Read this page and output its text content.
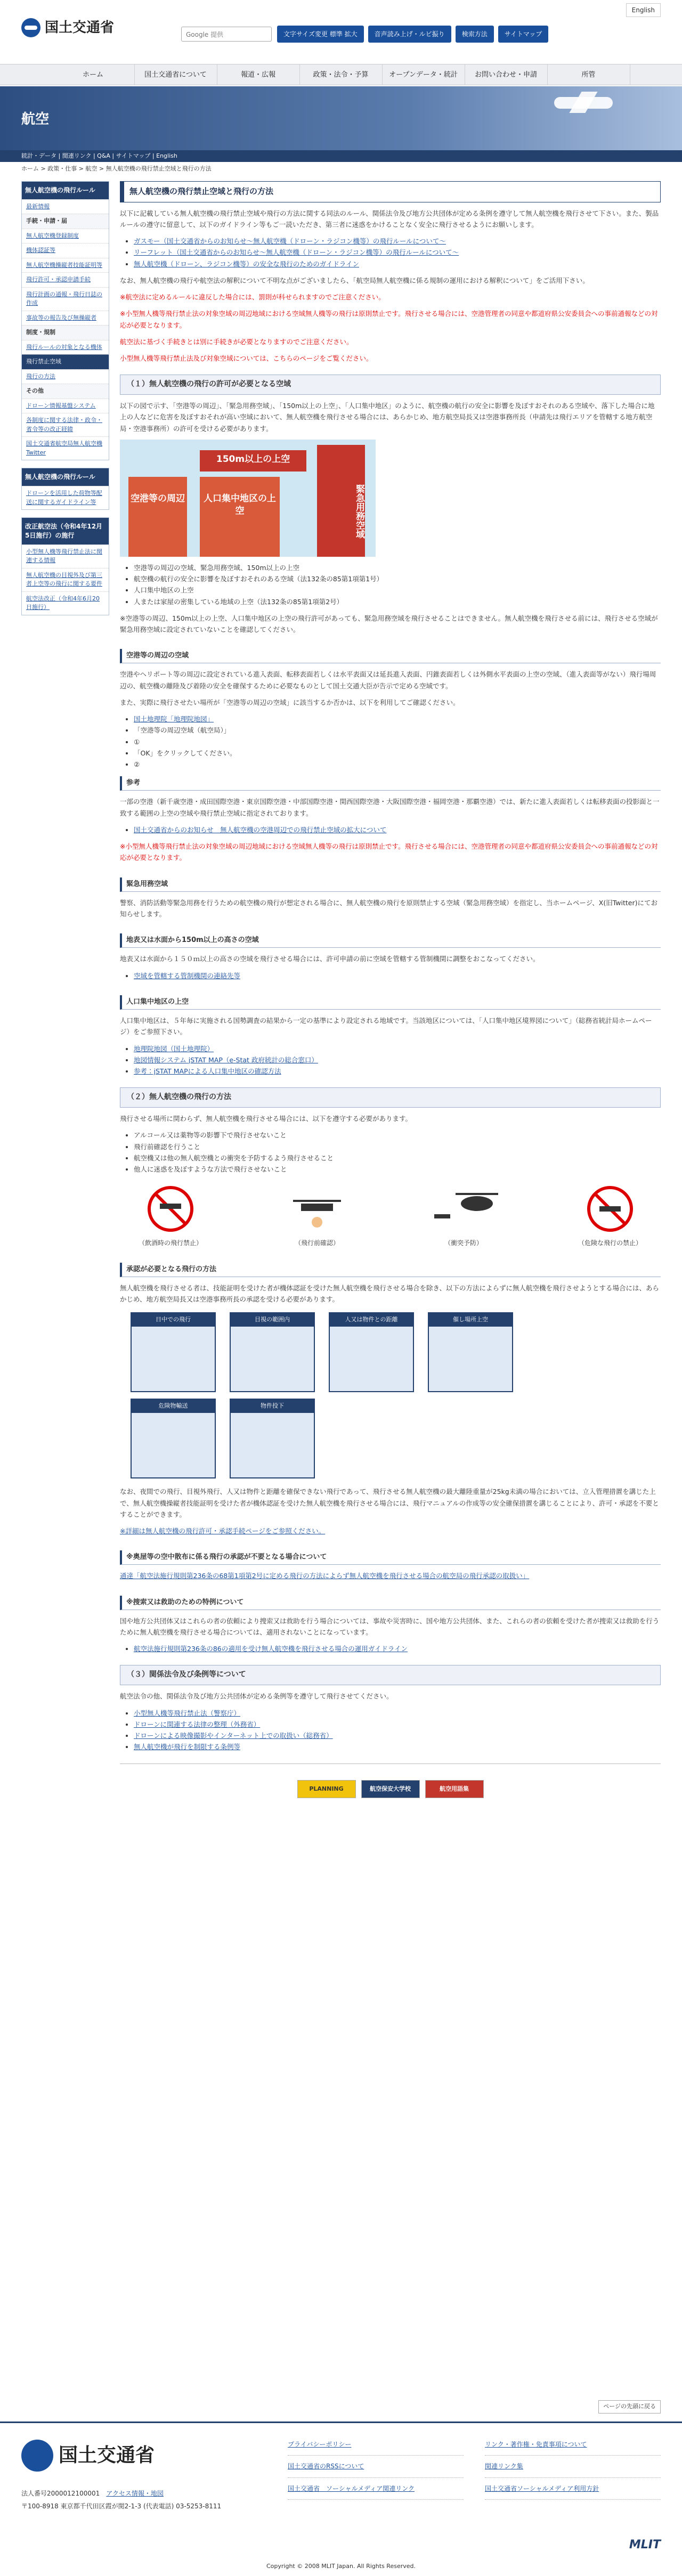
国土交通省
English
Google 提供	文字サイズ変更 標準 拡大	音声読み上げ・ルビ振り	検索方法	サイトマップ
ホーム	国土交通省について	報道・広報	政策・法令・予算	オープンデータ・統計	お問い合わせ・申請	所管
航空
統計・データ | 関連リンク | Q&A | サイトマップ | English
ホーム > 政策・仕事 > 航空 > 無人航空機の飛行禁止空域と飛行の方法
無人航空機の飛行ルール
最新情報
手続・申請・届
無人航空機登録制度
機体認証等
無人航空機操縦者技能証明等
飛行許可・承認申請手続
飛行計画の通報・飛行日誌の作成
事故等の報告及び無操縦者
制度・規制
飛行ルールの対象となる機体
飛行禁止空域
飛行の方法
その他
ドローン情報基盤システム
各制度に関する法律・政令・省令等の改正経緯
国土交通省航空局無人航空機Twitter
無人航空機の飛行ルール
ドローンを活用した荷物等配送に関するガイドライン等
改正航空法（令和4年12月5日施行）の施行
小型無人機等飛行禁止法に関連する情報
無人航空機の目視外及び第三者上空等の飛行に関する要件
航空法改正（令和4年6月20日施行）
無人航空機の飛行禁止空域と飛行の方法

以下に記載している無人航空機の飛行禁止空域や飛行の方法に関する同法のルール、関係法令及び地方公共団体が定める条例を遵守して無人航空機を飛行させて下さい。また、製品ルールの遵守に留意して、以下のガイドライン等もご一読いただき、第三者に迷惑をかけることなく安全に飛行させるようにお願いします。

• ガスモー（国土交通省からのお知らせ～無人航空機（ドローン・ラジコン機等）の飛行ルールについて～
• リーフレット（国土交通省からのお知らせ～無人航空機（ドローン・ラジコン機等）の飛行ルールについて～
• 無人航空機（ドローン、ラジコン機等）の安全な飛行のためのガイドライン

なお、無人航空機の飛行や航空法の解釈について不明な点がございましたら、「航空局無人航空機に係る規制の運用における解釈について」をご活用下さい。

※航空法に定めるルールに違反した場合には、罰則が科せられますのでご注意ください。

※小型無人機等飛行禁止法の対象空域の周辺地域における空域無人機等の飛行は原則禁止です。飛行させる場合には、空港管理者の同意や都道府県公安委員会への事前通報などの対応が必要となります。

航空法に基づく手続きとは別に手続きが必要となりますのでご注意ください。

小型無人機等飛行禁止法及び対象空域については、こちらのページをご覧ください。

（１）無人航空機の飛行の許可が必要となる空域

以下の図で示す、「空港等の周辺」、「緊急用務空域」、「150m以上の上空」、「人口集中地区」のように、航空機の航行の安全に影響を及ぼすおそれのある空域や、落下した場合に地上の人などに危害を及ぼすおそれが高い空域において、無人航空機を飛行させる場合には、あらかじめ、地方航空局長又は空港事務所長（申請先は飛行エリアを管轄する地方航空局・空港事務所）の許可を受ける必要があります。

空港等の周辺
150m以上の上空
人口集中地区の上空	緊急用務空域
• 空港等の周辺の空域、緊急用務空域、150m以上の上空
• 航空機の航行の安全に影響を及ぼすおそれのある空域（法132条の85第1項第1号）
• 人口集中地区の上空
• 人または家屋の密集している地域の上空（法132条の85第1項第2号）

※空港等の周辺、150m以上の上空、人口集中地区の上空の飛行許可があっても、緊急用務空域を飛行させることはできません。無人航空機を飛行させる前には、飛行させる空域が緊急用務空域に設定されていないことを確認してください。

空港等の周辺の空域

空港やヘリポート等の周辺に設定されている進入表面、転移表面若しくは水平表面又は延長進入表面、円錐表面若しくは外側水平表面の上空の空域、（進入表面等がない）飛行場周辺の、航空機の離陸及び着陸の安全を確保するために必要なものとして国土交通大臣が告示で定める空域です。

また、実際に飛行させたい場所が「空港等の周辺の空域」に該当するか否かは、以下を利用してご確認ください。

• 国土地理院「地理院地図」
• 「空港等の周辺空域（航空局）」
• ①
• 「OK」をクリックしてください。
• ②
参考

一部の空港（新千歳空港・成田国際空港・東京国際空港・中部国際空港・関西国際空港・大阪国際空港・福岡空港・那覇空港）では、新たに進入表面若しくは転移表面の投影面と一致する範囲の上空の空域や飛行禁止空域に指定されております。

• 国土交通省からのお知らせ　無人航空機の空港周辺での飛行禁止空域の拡大について

※小型無人機等飛行禁止法の対象空域の周辺地域における空域無人機等の飛行は原則禁止です。飛行させる場合には、空港管理者の同意や都道府県公安委員会への事前通報などの対応が必要となります。

緊急用務空域

警察、消防活動等緊急用務を行うための航空機の飛行が想定される場合に、無人航空機の飛行を原則禁止する空域（緊急用務空域）を指定し、当ホームページ、X(旧Twitter)にてお知らせします。

地表又は水面から150m以上の高さの空域

地表又は水面から１５０ｍ以上の高さの空域を飛行させる場合には、許可申請の前に空域を管轄する管制機関に調整をおこなってください。

• 空域を管轄する管制機関の連絡先等
人口集中地区の上空

人口集中地区は、５年毎に実施される国勢調査の結果から一定の基準により設定される地域です。当該地区については、「人口集中地区境界図について」（総務省統計局ホームページ）をご参照下さい。

• 地理院地図（国土地理院）
• 地図情報システム jSTAT MAP（e-Stat 政府統計の総合窓口）
• 参考：jSTAT MAPによる人口集中地区の確認方法
（２）無人航空機の飛行の方法

飛行させる場所に関わらず、無人航空機を飛行させる場合には、以下を遵守する必要があります。

• アルコール又は薬物等の影響下で飛行させないこと
• 飛行前確認を行うこと
• 航空機又は他の無人航空機との衝突を予防するよう飛行させること
• 他人に迷惑を及ぼすような方法で飛行させないこと
（飲酒時の飛行禁止）	（飛行前確認）	（衝突予防）	（危険な飛行の禁止）
承認が必要となる飛行の方法

無人航空機を飛行させる者は、技能証明を受けた者が機体認証を受けた無人航空機を飛行させる場合を除き、以下の方法によらずに無人航空機を飛行させようとする場合には、あらかじめ、地方航空局長又は空港事務所長の承認を受ける必要があります。

日中での飛行	目視の範囲内	人又は物件との距離	催し場所上空
危険物輸送	物件投下

なお、夜間での飛行、目視外飛行、人又は物件と距離を確保できない飛行であって、飛行させる無人航空機の最大離陸重量が25kg未満の場合においては、立入管理措置を講じた上で、無人航空機操縦者技能証明を受けた者が機体認証を受けた無人航空機を飛行させる場合には、飛行マニュアルの作成等の安全確保措置を講じることにより、許可・承認を不要とすることができます。

※詳細は無人航空機の飛行許可・承認手続ページをご参照ください。

※奥屋等の空中散布に係る飛行の承認が不要となる場合について

通達「航空法施行規則第236条の68第1項第2号に定める飛行の方法によらず無人航空機を飛行させる場合の航空局の飛行承認の取扱い」

※捜索又は救助のための特例について

国や地方公共団体又はこれらの者の依頼により捜索又は救助を行う場合については、事故や災害時に、国や地方公共団体、また、これらの者の依頼を受けた者が捜索又は救助を行うために無人航空機を飛行させる場合については、適用されないことになっています。

• 航空法施行規則第236条の86の適用を受け無人航空機を飛行させる場合の運用ガイドライン
（３）関係法令及び条例等について

航空法令の他、関係法令及び地方公共団体が定める条例等を遵守して飛行させてください。

• 小型無人機等飛行禁止法（警察庁）
• ドローンに関連する法律の整理（外務省）
• ドローンによる映像撮影やインターネット上での取扱い（総務省）
• 無人航空機が飛行を制限する条例等
PLANNING	航空保安大学校	航空用語集
ページの先頭に戻る
国土交通省
法人番号2000012100001　 アクセス情報・地図
〒100-8918 東京都千代田区霞が関2-1-3 (代表電話) 03-5253-8111
プライバシーポリシー	リンク・著作権・免責事項について
国土交通省のRSSについて	関連リンク集
国土交通省　ソーシャルメディア関連リンク	国土交通省ソーシャルメディア利用方針
MLIT
Copyright © 2008 MLIT Japan. All Rights Reserved.
